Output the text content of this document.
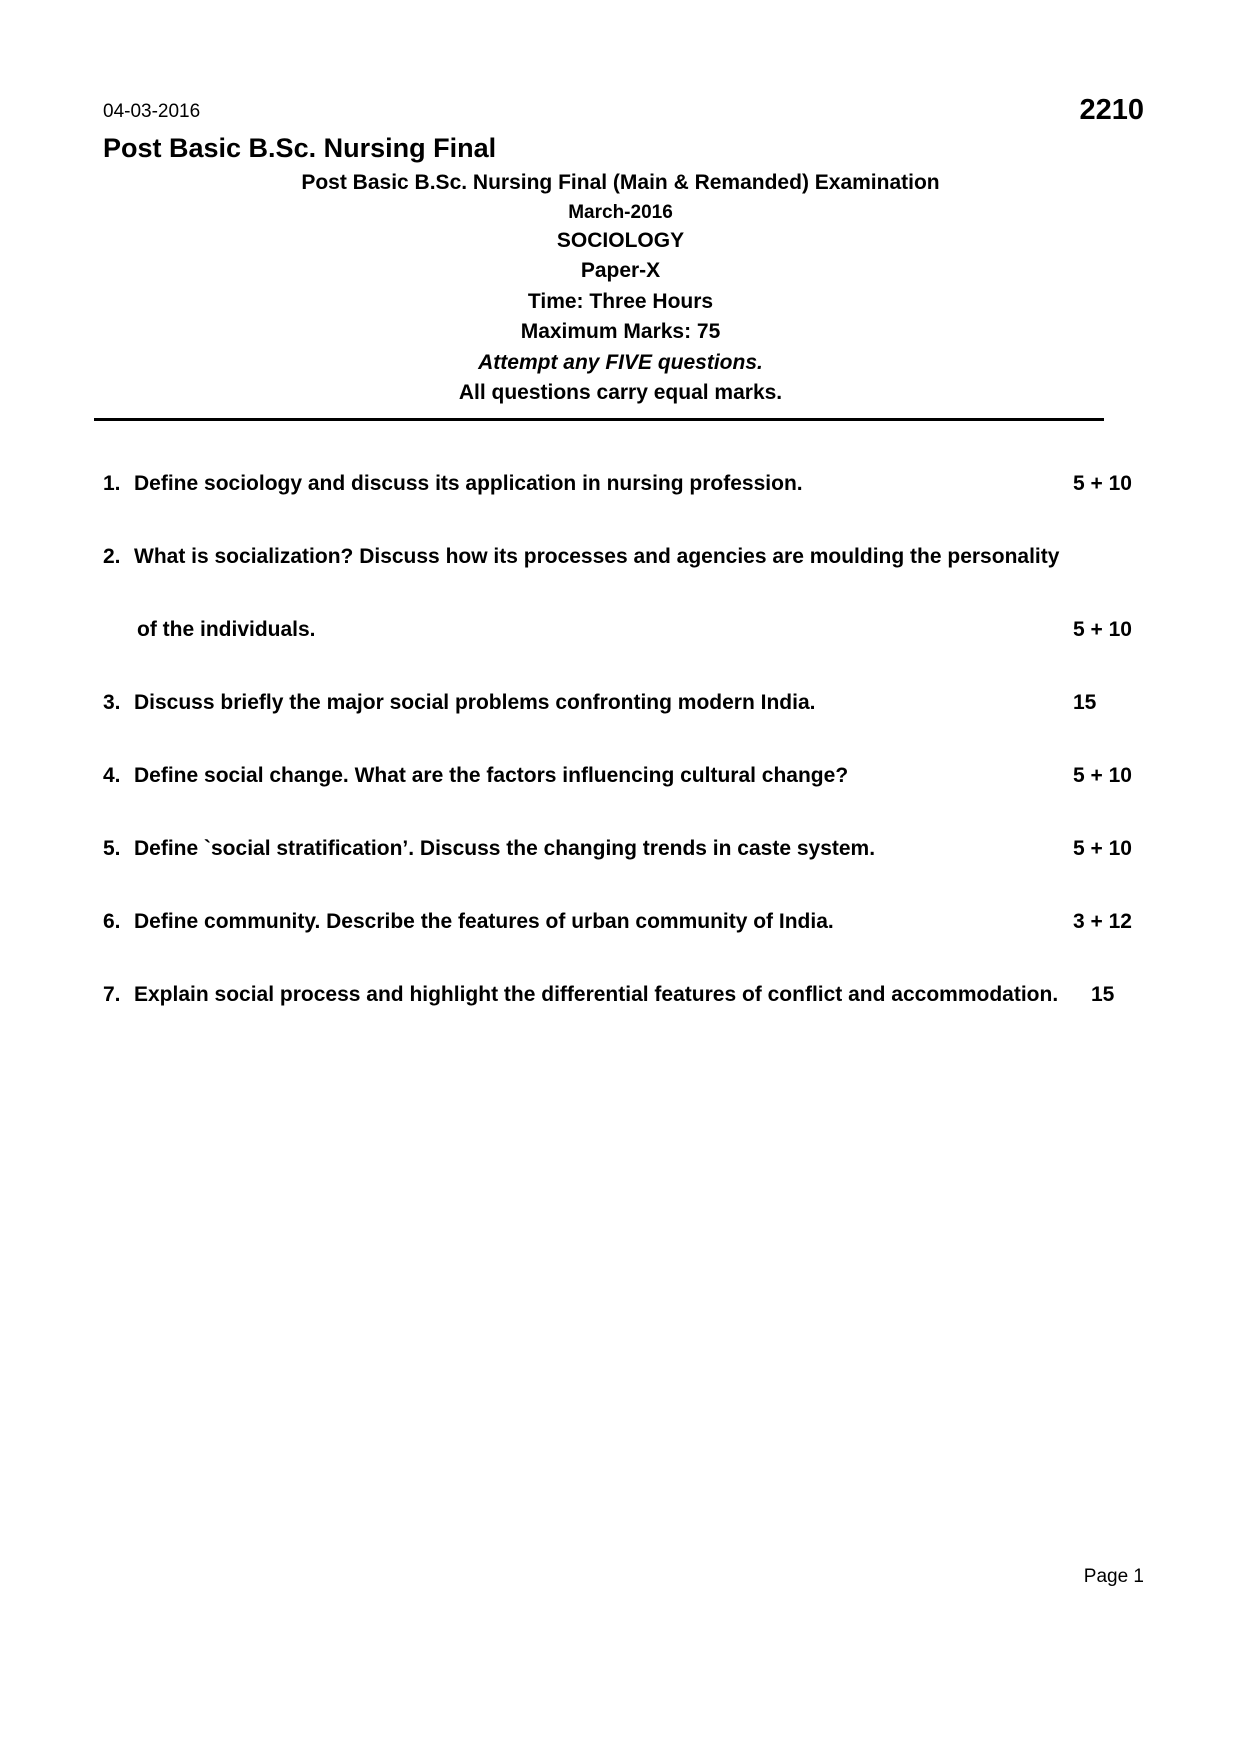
04-03-2016	2210
Post Basic B.Sc. Nursing Final
Post Basic B.Sc. Nursing Final (Main & Remanded) Examination
March-2016
SOCIOLOGY
Paper-X
Time: Three Hours
Maximum Marks: 75
Attempt any FIVE questions.
All questions carry equal marks.
1. Define sociology and discuss its application in nursing profession.	5 + 10
2. What is socialization? Discuss how its processes and agencies are moulding the personality
of the individuals.	5 + 10
3. Discuss briefly the major social problems confronting modern India.	15
4. Define social change. What are the factors influencing cultural change?	5 + 10
5. Define `social stratification’. Discuss the changing trends in caste system.	5 + 10
6. Define community. Describe the features of urban community of India.	3 + 12
7. Explain social process and highlight the differential features of conflict and accommodation. 15
Page 1
